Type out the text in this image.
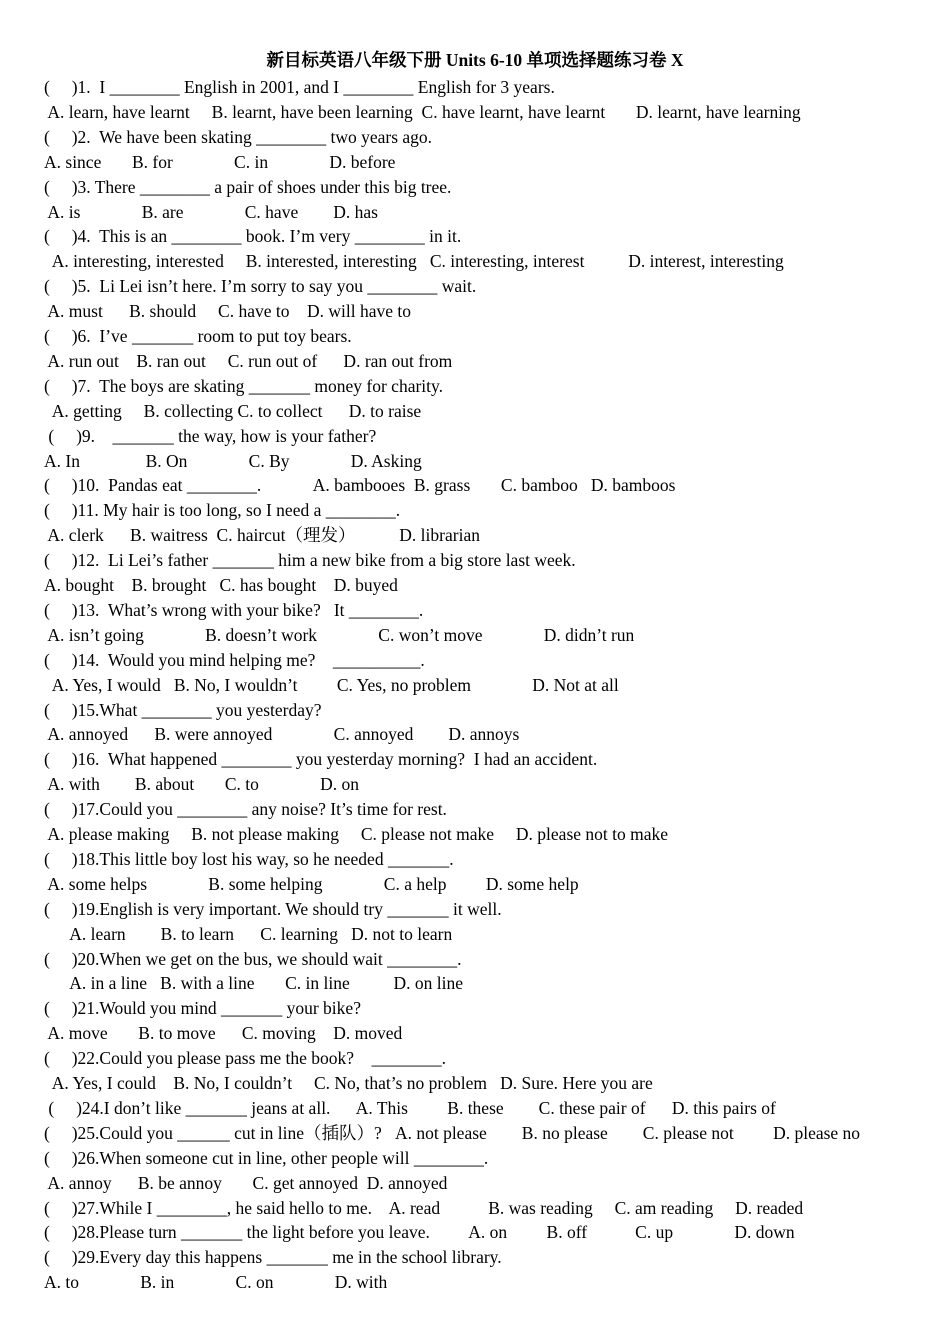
新目标英语八年级下册 Units 6-10 单项选择题练习卷 X
(     )1.  I ________ English in 2001, and I ________ English for 3 years.
A. learn, have learnt     B. learnt, have been learning  C. have learnt, have learnt       D. learnt, have learning
(     )2.  We have been skating ________ two years ago.
A. since       B. for              C. in              D. before
(     )3. There ________ a pair of shoes under this big tree.
A. is              B. are              C. have        D. has
(     )4.  This is an ________ book. I’m very ________ in it.
A. interesting, interested     B. interested, interesting   C. interesting, interest          D. interest, interesting
(     )5.  Li Lei isn’t here. I’m sorry to say you ________ wait.
A. must      B. should     C. have to    D. will have to
(     )6.  I’ve _______ room to put toy bears.
A. run out    B. ran out     C. run out of      D. ran out from
(     )7.  The boys are skating _______ money for charity.
A. getting     B. collecting C. to collect      D. to raise
(     )9.    _______ the way, how is your father?
A. In               B. On              C. By              D. Asking
(     )10.  Pandas eat ________.            A. bambooes  B. grass       C. bamboo   D. bamboos
(     )11. My hair is too long, so I need a ________.
A. clerk      B. waitress  C. haircut（理发）          D. librarian
(     )12.  Li Lei’s father _______ him a new bike from a big store last week.
A. bought    B. brought   C. has bought    D. buyed
(     )13.  What’s wrong with your bike?   It ________.
A. isn’t going              B. doesn’t work              C. won’t move              D. didn’t run
(     )14.  Would you mind helping me?    __________.
A. Yes, I would   B. No, I wouldn’t         C. Yes, no problem              D. Not at all
(     )15.What ________ you yesterday?
A. annoyed      B. were annoyed              C. annoyed        D. annoys
(     )16.  What happened ________ you yesterday morning?  I had an accident.
A. with        B. about       C. to              D. on
(     )17.Could you ________ any noise? It’s time for rest.
A. please making     B. not please making     C. please not make     D. please not to make
(     )18.This little boy lost his way, so he needed _______.
A. some helps              B. some helping              C. a help         D. some help
(     )19.English is very important. We should try _______ it well.
A. learn        B. to learn      C. learning   D. not to learn
(     )20.When we get on the bus, we should wait ________.
A. in a line   B. with a line       C. in line          D. on line
(     )21.Would you mind _______ your bike?
A. move       B. to move      C. moving    D. moved
(     )22.Could you please pass me the book?    ________.
A. Yes, I could    B. No, I couldn’t     C. No, that’s no problem   D. Sure. Here you are
(     )24.I don’t like _______ jeans at all.      A. This         B. these        C. these pair of      D. this pairs of
(     )25.Could you ______ cut in line（插队）?   A. not please        B. no please        C. please not         D. please no
(     )26.When someone cut in line, other people will ________.
A. annoy      B. be annoy       C. get annoyed  D. annoyed
(     )27.While I ________, he said hello to me.    A. read           B. was reading     C. am reading     D. readed
(     )28.Please turn _______ the light before you leave.         A. on         B. off           C. up              D. down
(     )29.Every day this happens _______ me in the school library.
A. to              B. in              C. on              D. with
